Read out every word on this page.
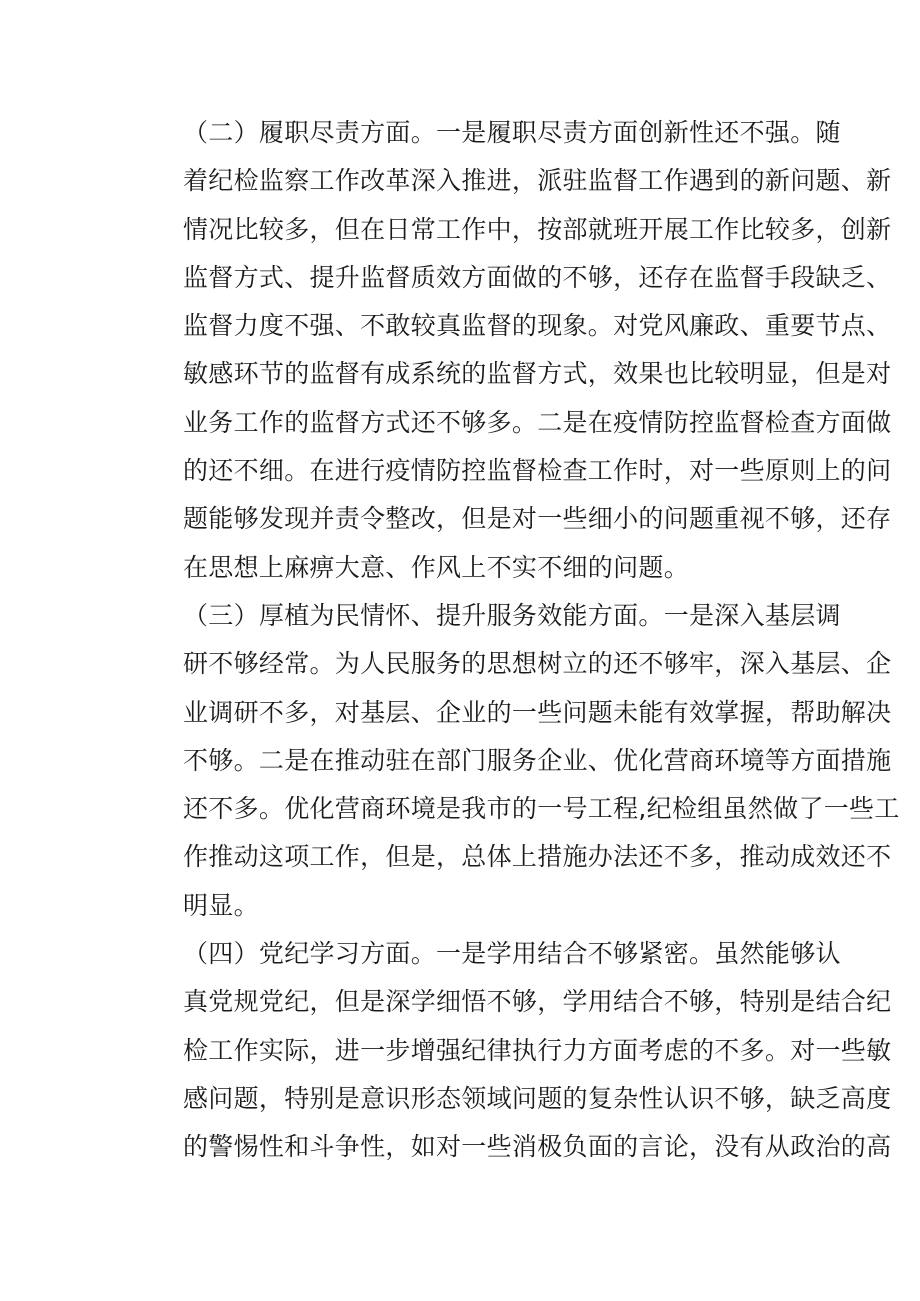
（二）履职尽责方面。一是履职尽责方面创新性还不强。随
着纪检监察工作改革深入推进，派驻监督工作遇到的新问题、新
情况比较多，但在日常工作中，按部就班开展工作比较多，创新
监督方式、提升监督质效方面做的不够，还存在监督手段缺乏、
监督力度不强、不敢较真监督的现象。对党风廉政、重要节点、
敏感环节的监督有成系统的监督方式，效果也比较明显，但是对
业务工作的监督方式还不够多。二是在疫情防控监督检查方面做
的还不细。在进行疫情防控监督检查工作时，对一些原则上的问
题能够发现并责令整改，但是对一些细小的问题重视不够，还存
在思想上麻痹大意、作风上不实不细的问题。

（三）厚植为民情怀、提升服务效能方面。一是深入基层调
研不够经常。为人民服务的思想树立的还不够牢，深入基层、企
业调研不多，对基层、企业的一些问题未能有效掌握，帮助解决
不够。二是在推动驻在部门服务企业、优化营商环境等方面措施
还不多。优化营商环境是我市的一号工程,纪检组虽然做了一些工
作推动这项工作，但是，总体上措施办法还不多，推动成效还不
明显。

（四）党纪学习方面。一是学用结合不够紧密。虽然能够认
真党规党纪，但是深学细悟不够，学用结合不够，特别是结合纪
检工作实际，进一步增强纪律执行力方面考虑的不多。对一些敏
感问题，特别是意识形态领域问题的复杂性认识不够，缺乏高度
的警惕性和斗争性，如对一些消极负面的言论，没有从政治的高
